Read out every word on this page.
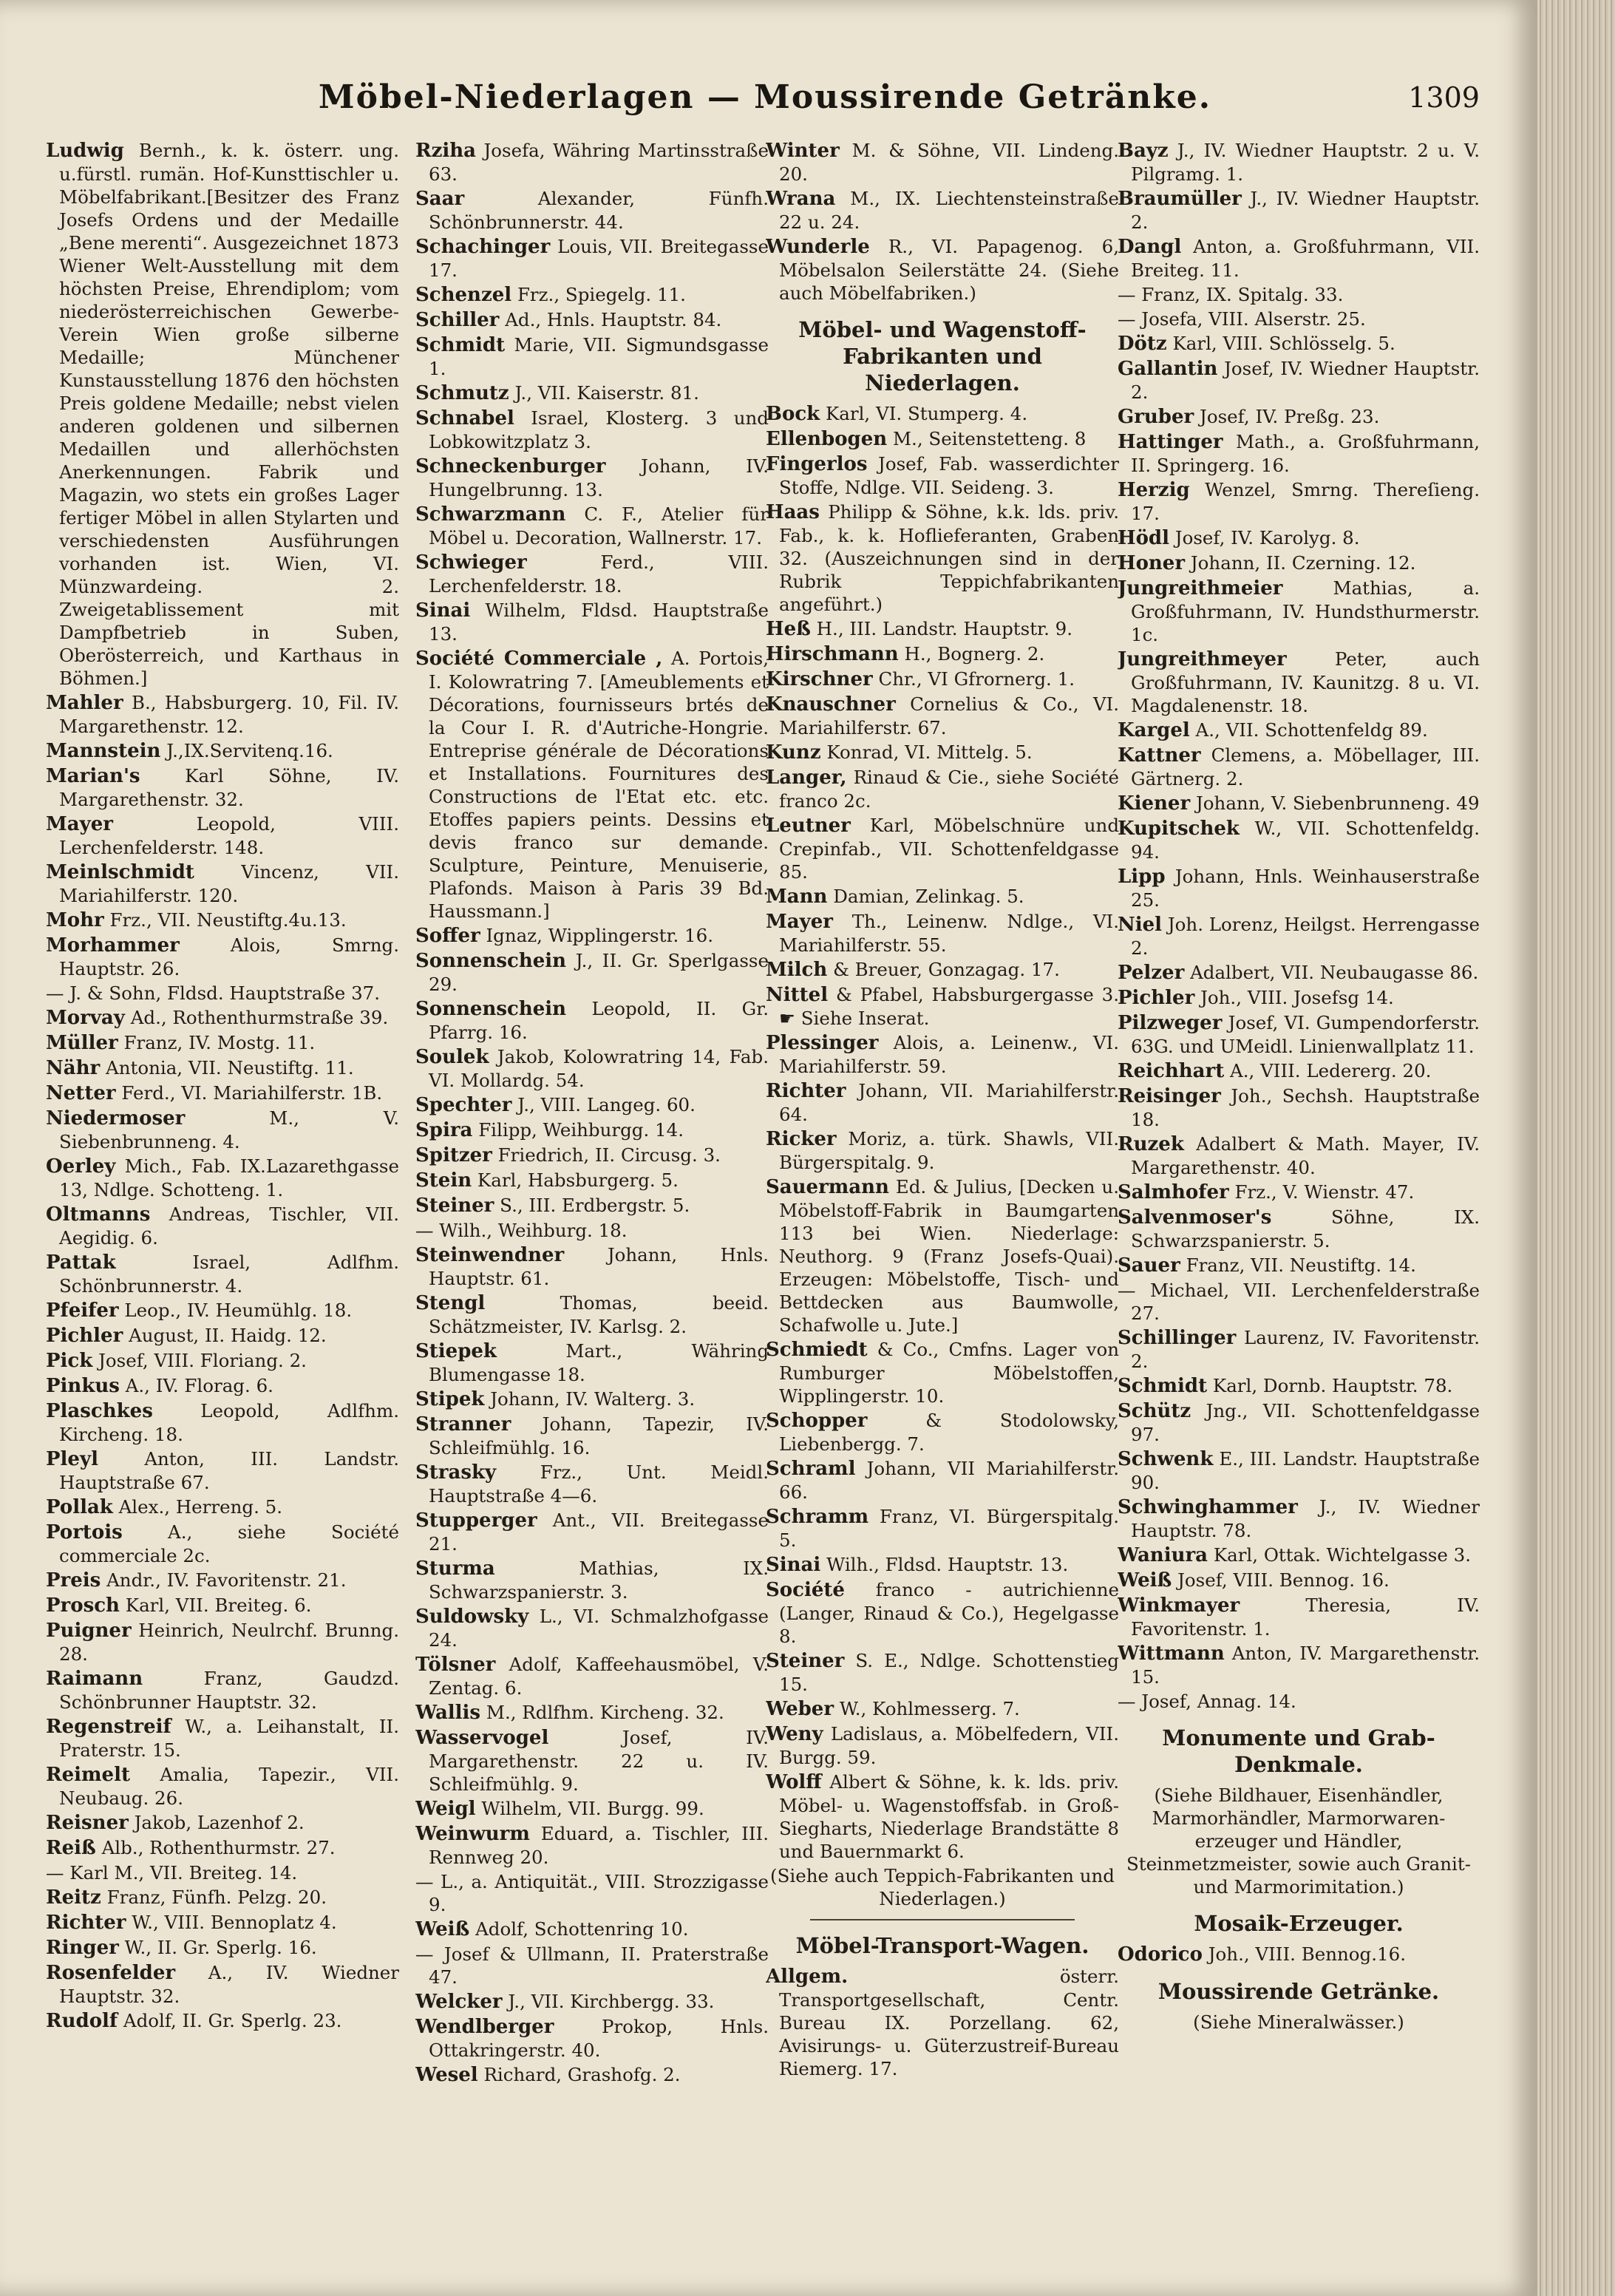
Möbel-Niederlagen — Moussirende Getränke.	1309
Ludwig Bernh., k. k. österr. ung. u.fürstl. rumän. Hof-Kunsttischler u. Möbelfabrikant.[Besitzer des Franz Josefs Ordens und der Medaille „Bene merenti“. Ausgezeichnet 1873 Wiener Welt-Ausstellung mit dem höchsten Preise, Ehrendiplom; vom niederösterreichischen Gewerbe-Verein Wien große silberne Medaille; Münchener Kunstausstellung 1876 den höchsten Preis goldene Medaille; nebst vielen anderen goldenen und silbernen Medaillen und allerhöchsten Anerkennungen. Fabrik und Magazin, wo stets ein großes Lager fertiger Möbel in allen Stylarten und verschiedensten Ausführungen vorhanden ist. Wien, VI. Münzwardeing. 2. Zweigetablissement mit Dampfbetrieb in Suben, Oberösterreich, und Karthaus in Böhmen.]
Mahler B., Habsburgerg. 10, Fil. IV. Margarethenstr. 12.
Mannstein J.,IX.Servitenq.16.
Marian's Karl Söhne, IV. Margarethenstr. 32.
Mayer	Leopold, VIII. Lerchenfelderstr. 148.
Meinlschmidt	Vincenz, VII. Mariahilferstr. 120.
Mohr Frz., VII. Neustiftg.4u.13.
Morhammer	Alois, Smrng. Hauptstr. 26.
— J. & Sohn, Fldsd. Hauptstraße 37.
Morvay Ad., Rothenthurmstraße 39.
Müller Franz, IV. Mostg. 11.
Nähr Antonia, VII. Neustiftg. 11.
Netter Ferd., VI. Mariahilferstr. 1B.
Niedermoser	M., V. Siebenbrunneng. 4.
Oerley Mich., Fab. IX.Lazarethgasse 13, Ndlge. Schotteng. 1.
Oltmanns Andreas, Tischler, VII. Aegidig. 6.
Pattak	Israel, Adlfhm. Schönbrunnerstr. 4.
Pfeifer Leop., IV. Heumühlg. 18.
Pichler August, II. Haidg. 12.
Pick Josef, VIII. Floriang. 2.
Pinkus A., IV. Florag. 6.
Plaschkes	Leopold, Adlfhm. Kircheng. 18.
Pleyl	Anton, III. Landstr. Hauptstraße 67.
Pollak Alex., Herreng. 5.
Portois	A., siehe Société commerciale 2c.
Preis Andr., IV. Favoritenstr. 21.
Prosch Karl, VII. Breiteg. 6.
Puigner Heinrich, Neulrchf. Brunng. 28.
Raimann	Franz, Gaudzd. Schönbrunner Hauptstr. 32.
Regenstreif W., a. Leihanstalt, II. Praterstr. 15.
Reimelt Amalia, Tapezir., VII. Neubaug. 26.
Reisner Jakob, Lazenhof 2.
Reiß Alb., Rothenthurmstr. 27.
— Karl M., VII. Breiteg. 14.
Reitz Franz, Fünfh. Pelzg. 20.
Richter W., VIII. Bennoplatz 4.
Ringer W., II. Gr. Sperlg. 16.
Rosenfelder A., IV. Wiedner Hauptstr. 32.
Rudolf Adolf, II. Gr. Sperlg. 23.
Rziha Josefa, Währing Martinsstraße 63.
Saar	Alexander, Fünfh. Schönbrunnerstr. 44.
Schachinger Louis, VII. Breitegasse 17.
Schenzel Frz., Spiegelg. 11.
Schiller Ad., Hnls. Hauptstr. 84.
Schmidt Marie, VII. Sigmundsgasse 1.
Schmutz J., VII. Kaiserstr. 81.
Schnabel Israel, Klosterg. 3 und Lobkowitzplatz 3.
Schneckenburger Johann, IV. Hungelbrunng. 13.
Schwarzmann C. F., Atelier für Möbel u. Decoration, Wallnerstr. 17.
Schwieger	Ferd., VIII. Lerchenfelderstr. 18.
Sinai Wilhelm, Fldsd. Hauptstraße 13.
Société Commerciale , A. Portois, I. Kolowratring 7. [Ameublements et Décorations, fournisseurs brtés de la Cour I. R. d'Autriche-Hongrie. Entreprise générale de Décorations et Installations. Fournitures des Constructions de l'Etat etc. etc. Etoffes papiers peints. Dessins et devis franco sur demande. Sculpture, Peinture, Menuiserie, Plafonds. Maison à Paris 39 Bd. Haussmann.]
Soffer Ignaz, Wipplingerstr. 16.
Sonnenschein J., II. Gr. Sperlgasse 29.
Sonnenschein Leopold, II. Gr. Pfarrg. 16.
Soulek Jakob, Kolowratring 14, Fab. VI. Mollardg. 54.
Spechter J., VIII. Langeg. 60.
Spira Filipp, Weihburgg. 14.
Spitzer Friedrich, II. Circusg. 3.
Stein Karl, Habsburgerg. 5.
Steiner S., III. Erdbergstr. 5.
— Wilh., Weihburg. 18.
Steinwendner Johann, Hnls. Hauptstr. 61.
Stengl	Thomas, beeid. Schätzmeister, IV. Karlsg. 2.
Stiepek	Mart., Währing Blumengasse 18.
Stipek Johann, IV. Walterg. 3.
Stranner Johann, Tapezir, IV. Schleifmühlg. 16.
Strasky Frz., Unt. Meidl. Hauptstraße 4—6.
Stupperger Ant., VII. Breitegasse 21.
Sturma	Mathias, IX. Schwarzspanierstr. 3.
Suldowsky L., VI. Schmalzhofgasse 24.
Tölsner Adolf, Kaffeehausmöbel, V. Zentag. 6.
Wallis M., Rdlfhm. Kircheng. 32.
Wasservogel	Josef, IV. Margarethenstr. 22 u. IV. Schleifmühlg. 9.
Weigl Wilhelm, VII. Burgg. 99.
Weinwurm Eduard, a. Tischler, III. Rennweg 20.
— L., a. Antiquität., VIII. Strozzigasse 9.
Weiß Adolf, Schottenring 10.
— Josef & Ullmann, II. Praterstraße 47.
Welcker J., VII. Kirchbergg. 33.
Wendlberger	Prokop, Hnls. Ottakringerstr. 40.
Wesel Richard, Grashofg. 2.
Winter M. & Söhne, VII. Lindeng. 20.
Wrana M., IX. Liechtensteinstraße 22 u. 24.
Wunderle R., VI. Papagenog. 6, Möbelsalon Seilerstätte 24. (Siehe auch Möbelfabriken.)
Möbel- und Wagenstoff-Fabrikanten und Niederlagen.
Bock Karl, VI. Stumperg. 4.
Ellenbogen M., Seitenstetteng. 8
Fingerlos Josef, Fab. wasserdichter Stoffe, Ndlge. VII. Seideng. 3.
Haas Philipp & Söhne, k.k. lds. priv. Fab., k. k. Hoflieferanten, Graben 32. (Auszeichnungen sind in der Rubrik Teppichfabrikanten angeführt.)
Heß H., III. Landstr. Hauptstr. 9.
Hirschmann H., Bognerg. 2.
Kirschner Chr., VI Gfrornerg. 1.
Knauschner Cornelius & Co., VI. Mariahilferstr. 67.
Kunz Konrad, VI. Mittelg. 5.
Langer, Rinaud & Cie., siehe Société franco 2c.
Leutner Karl, Möbelschnüre und Crepinfab., VII. Schottenfeldgasse 85.
Mann Damian, Zelinkag. 5.
Mayer Th., Leinenw. Ndlge., VI. Mariahilferstr. 55.
Milch & Breuer, Gonzagag. 17.
Nittel & Pfabel, Habsburgergasse 3. ☛ Siehe Inserat.
Plessinger Alois, a. Leinenw., VI. Mariahilferstr. 59.
Richter Johann, VII. Mariahilferstr. 64.
Ricker Moriz, a. türk. Shawls, VII. Bürgerspitalg. 9.
Sauermann Ed. & Julius, [Decken u. Möbelstoff-Fabrik in Baumgarten 113 bei Wien. Niederlage: Neuthorg. 9 (Franz Josefs-Quai). Erzeugen: Möbelstoffe, Tisch- und Bettdecken aus Baumwolle, Schafwolle u. Jute.]
Schmiedt & Co., Cmfns. Lager von Rumburger Möbelstoffen, Wipplingerstr. 10.
Schopper	& Stodolowsky, Liebenbergg. 7.
Schraml Johann, VII Mariahilferstr. 66.
Schramm Franz, VI. Bürgerspitalg. 5.
Sinai Wilh., Fldsd. Hauptstr. 13.
Société franco - autrichienne (Langer, Rinaud & Co.), Hegelgasse 8.
Steiner S. E., Ndlge. Schottenstieg 15.
Weber W., Kohlmesserg. 7.
Weny Ladislaus, a. Möbelfedern, VII. Burgg. 59.
Wolff Albert & Söhne, k. k. lds. priv. Möbel- u. Wagenstoffsfab. in Groß-Siegharts, Niederlage Brandstätte 8 und Bauernmarkt 6.
(Siehe auch Teppich-Fabrikanten und Niederlagen.)
Möbel-Transport-Wagen.
Allgem.	österr. Transportgesellschaft, Centr. Bureau IX. Porzellang. 62, Avisirungs- u. Güterzustreif-Bureau Riemerg. 17.
Bayz J., IV. Wiedner Hauptstr. 2 u. V. Pilgramg. 1.
Braumüller J., IV. Wiedner Hauptstr. 2.
Dangl Anton, a. Großfuhrmann, VII. Breiteg. 11.
— Franz, IX. Spitalg. 33.
— Josefa, VIII. Alserstr. 25.
Dötz Karl, VIII. Schlösselg. 5.
Gallantin Josef, IV. Wiedner Hauptstr. 2.
Gruber Josef, IV. Preßg. 23.
Hattinger Math., a. Großfuhrmann, II. Springerg. 16.
Herzig Wenzel, Smrng. Thereſieng. 17.
Hödl Josef, IV. Karolyg. 8.
Honer Johann, II. Czerning. 12.
Jungreithmeier	Mathias, a. Großfuhrmann, IV. Hundsthurmerstr. 1c.
Jungreithmeyer	Peter, auch Großfuhrmann, IV. Kaunitzg. 8 u. VI. Magdalenenstr. 18.
Kargel A., VII. Schottenfeldg 89.
Kattner Clemens, a. Möbellager, III. Gärtnerg. 2.
Kiener Johann, V. Siebenbrunneng. 49
Kupitschek W., VII. Schottenfeldg. 94.
Lipp Johann, Hnls. Weinhauserstraße 25.
Niel Joh. Lorenz, Heilgst. Herrengasse 2.
Pelzer Adalbert, VII. Neubaugasse 86.
Pichler Joh., VIII. Josefsg 14.
Pilzweger Josef, VI. Gumpendorferstr. 63G. und UMeidl. Linienwallplatz 11.
Reichhart A., VIII. Ledererg. 20.
Reisinger Joh., Sechsh. Hauptstraße 18.
Ruzek Adalbert & Math. Mayer, IV. Margarethenstr. 40.
Salmhofer Frz., V. Wienstr. 47.
Salvenmoser's	Söhne, IX. Schwarzspanierstr. 5.
Sauer Franz, VII. Neustiftg. 14.
— Michael, VII. Lerchenfelderstraße 27.
Schillinger Laurenz, IV. Favoritenstr. 2.
Schmidt Karl, Dornb. Hauptstr. 78.
Schütz Jng., VII. Schottenfeldgasse 97.
Schwenk E., III. Landstr. Hauptstraße 90.
Schwinghammer J., IV. Wiedner Hauptstr. 78.
Waniura Karl, Ottak. Wichtelgasse 3.
Weiß Josef, VIII. Bennog. 16.
Winkmayer	Theresia, IV. Favoritenstr. 1.
Wittmann Anton, IV. Margarethenstr. 15.
— Josef, Annag. 14.
Monumente und Grab-Denkmale.
(Siehe Bildhauer, Eisenhändler, Marmorhändler, Marmorwaren-erzeuger und Händler, Steinmetzmeister, sowie auch Granit- und Marmorimitation.)
Mosaik-Erzeuger.
Odorico Joh., VIII. Bennog.16.
Moussirende Getränke.
(Siehe Mineralwässer.)
